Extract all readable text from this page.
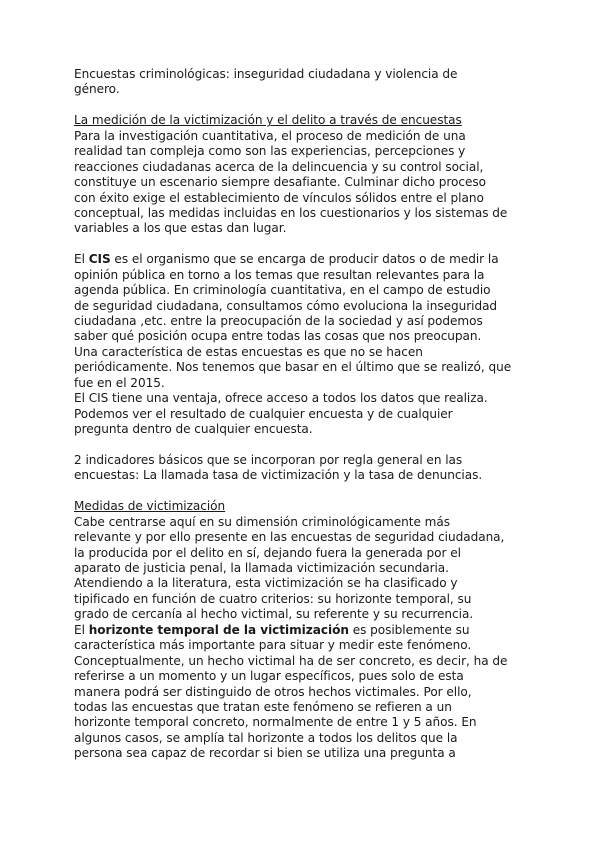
Encuestas criminológicas: inseguridad ciudadana y violencia de
género.
La medición de la victimización y el delito a través de encuestas
Para la investigación cuantitativa, el proceso de medición de una
realidad tan compleja como son las experiencias, percepciones y
reacciones ciudadanas acerca de la delincuencia y su control social,
constituye un escenario siempre desafiante. Culminar dicho proceso
con éxito exige el establecimiento de vínculos sólidos entre el plano
conceptual, las medidas incluidas en los cuestionarios y los sistemas de
variables a los que estas dan lugar.
El CIS es el organismo que se encarga de producir datos o de medir la
opinión pública en torno a los temas que resultan relevantes para la
agenda pública. En criminología cuantitativa, en el campo de estudio
de seguridad ciudadana, consultamos cómo evoluciona la inseguridad
ciudadana ,etc. entre la preocupación de la sociedad y así podemos
saber qué posición ocupa entre todas las cosas que nos preocupan.
Una característica de estas encuestas es que no se hacen
periódicamente. Nos tenemos que basar en el último que se realizó, que
fue en el 2015.
El CIS tiene una ventaja, ofrece acceso a todos los datos que realiza.
Podemos ver el resultado de cualquier encuesta y de cualquier
pregunta dentro de cualquier encuesta.
2 indicadores básicos que se incorporan por regla general en las
encuestas: La llamada tasa de victimización y la tasa de denuncias.
Medidas de victimización
Cabe centrarse aquí en su dimensión criminológicamente más
relevante y por ello presente en las encuestas de seguridad ciudadana,
la producida por el delito en sí, dejando fuera la generada por el
aparato de justicia penal, la llamada victimización secundaria.
Atendiendo a la literatura, esta victimización se ha clasificado y
tipificado en función de cuatro criterios: su horizonte temporal, su
grado de cercanía al hecho victimal, su referente y su recurrencia.
El horizonte temporal de la victimización es posiblemente su
característica más importante para situar y medir este fenómeno.
Conceptualmente, un hecho victimal ha de ser concreto, es decir, ha de
referirse a un momento y un lugar específicos, pues solo de esta
manera podrá ser distinguido de otros hechos victimales. Por ello,
todas las encuestas que tratan este fenómeno se refieren a un
horizonte temporal concreto, normalmente de entre 1 y 5 años. En
algunos casos, se amplía tal horizonte a todos los delitos que la
persona sea capaz de recordar si bien se utiliza una pregunta a
